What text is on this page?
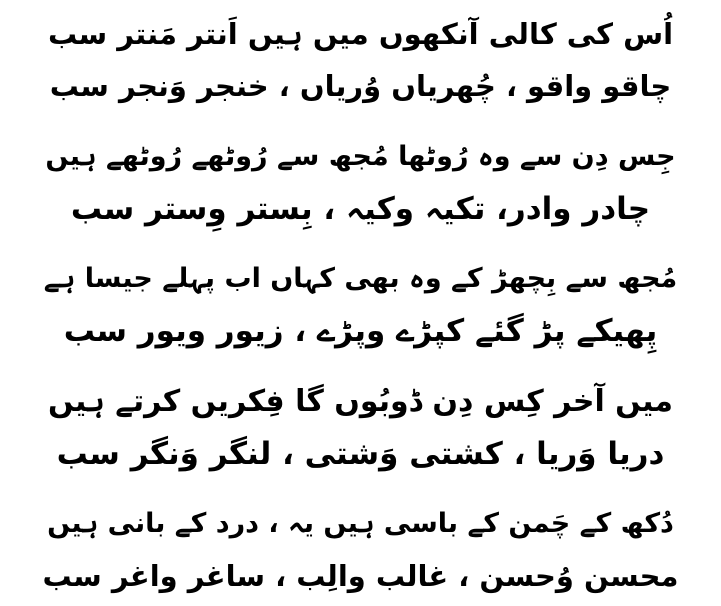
اُس کی کالی آنکھوں میں ہیں اَنتر مَنتر سب
چاقو واقو ، چُھریاں وُریاں ، خنجر وَنجر سب
جِس دِن سے وہ رُوٹھا مُجھ سے رُوٹھے رُوٹھے ہیں
چادر وادر، تکیہ وکیہ ، بِستر وِستر سب
مُجھ سے بِچھڑ کے وہ بھی کہاں اب پہلے جیسا ہے
پِھیکے پڑ گئے کپڑے وپڑے ، زیور ویور سب
میں آخر کِس دِن ڈوبُوں گا فِکریں کرتے ہیں
دریا وَریا ، کشتی وَشتی ، لنگر وَنگر سب
دُکھ کے چَمن کے باسی ہیں یہ ، درد کے بانی ہیں
محسن وُحسن ، غالب والِب ، ساغر واغر سب
